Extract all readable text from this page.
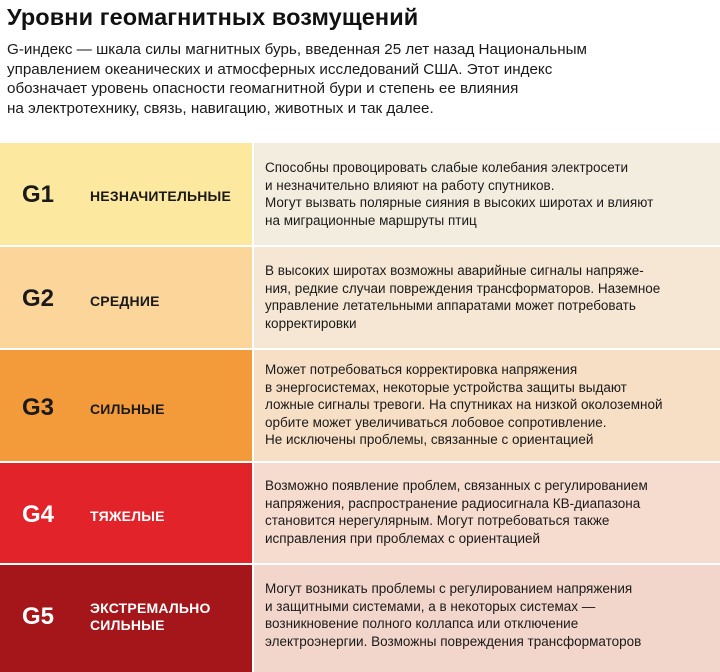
Уровни геомагнитных возмущений
G-индекс — шкала силы магнитных бурь, введенная 25 лет назад Национальным
управлением океанических и атмосферных исследований США. Этот индекс
обозначает уровень опасности геомагнитной бури и степень ее влияния
на электротехнику, связь, навигацию, животных и так далее.
G1	НЕЗНАЧИТЕЛЬНЫЕ
Способны провоцировать слабые колебания электросети
и незначительно влияют на работу спутников.
Могут вызвать полярные сияния в высоких широтах и влияют
на миграционные маршруты птиц
G2	СРЕДНИЕ
В высоких широтах возможны аварийные сигналы напряже-
ния, редкие случаи повреждения трансформаторов. Наземное
управление летательными аппаратами может потребовать
корректировки
G3	СИЛЬНЫЕ
Может потребоваться корректировка напряжения
в энергосистемах, некоторые устройства защиты выдают
ложные сигналы тревоги. На спутниках на низкой околоземной
орбите может увеличиваться лобовое сопротивление.
Не исключены проблемы, связанные с ориентацией
G4	ТЯЖЕЛЫЕ
Возможно появление проблем, связанных с регулированием
напряжения, распространение радиосигнала КВ-диапазона
становится нерегулярным. Могут потребоваться также
исправления при проблемах с ориентацией
G5	ЭКСТРЕМАЛЬНО
СИЛЬНЫЕ
Могут возникать проблемы с регулированием напряжения
и защитными системами, а в некоторых системах —
возникновение полного коллапса или отключение
электроэнергии. Возможны повреждения трансформаторов
